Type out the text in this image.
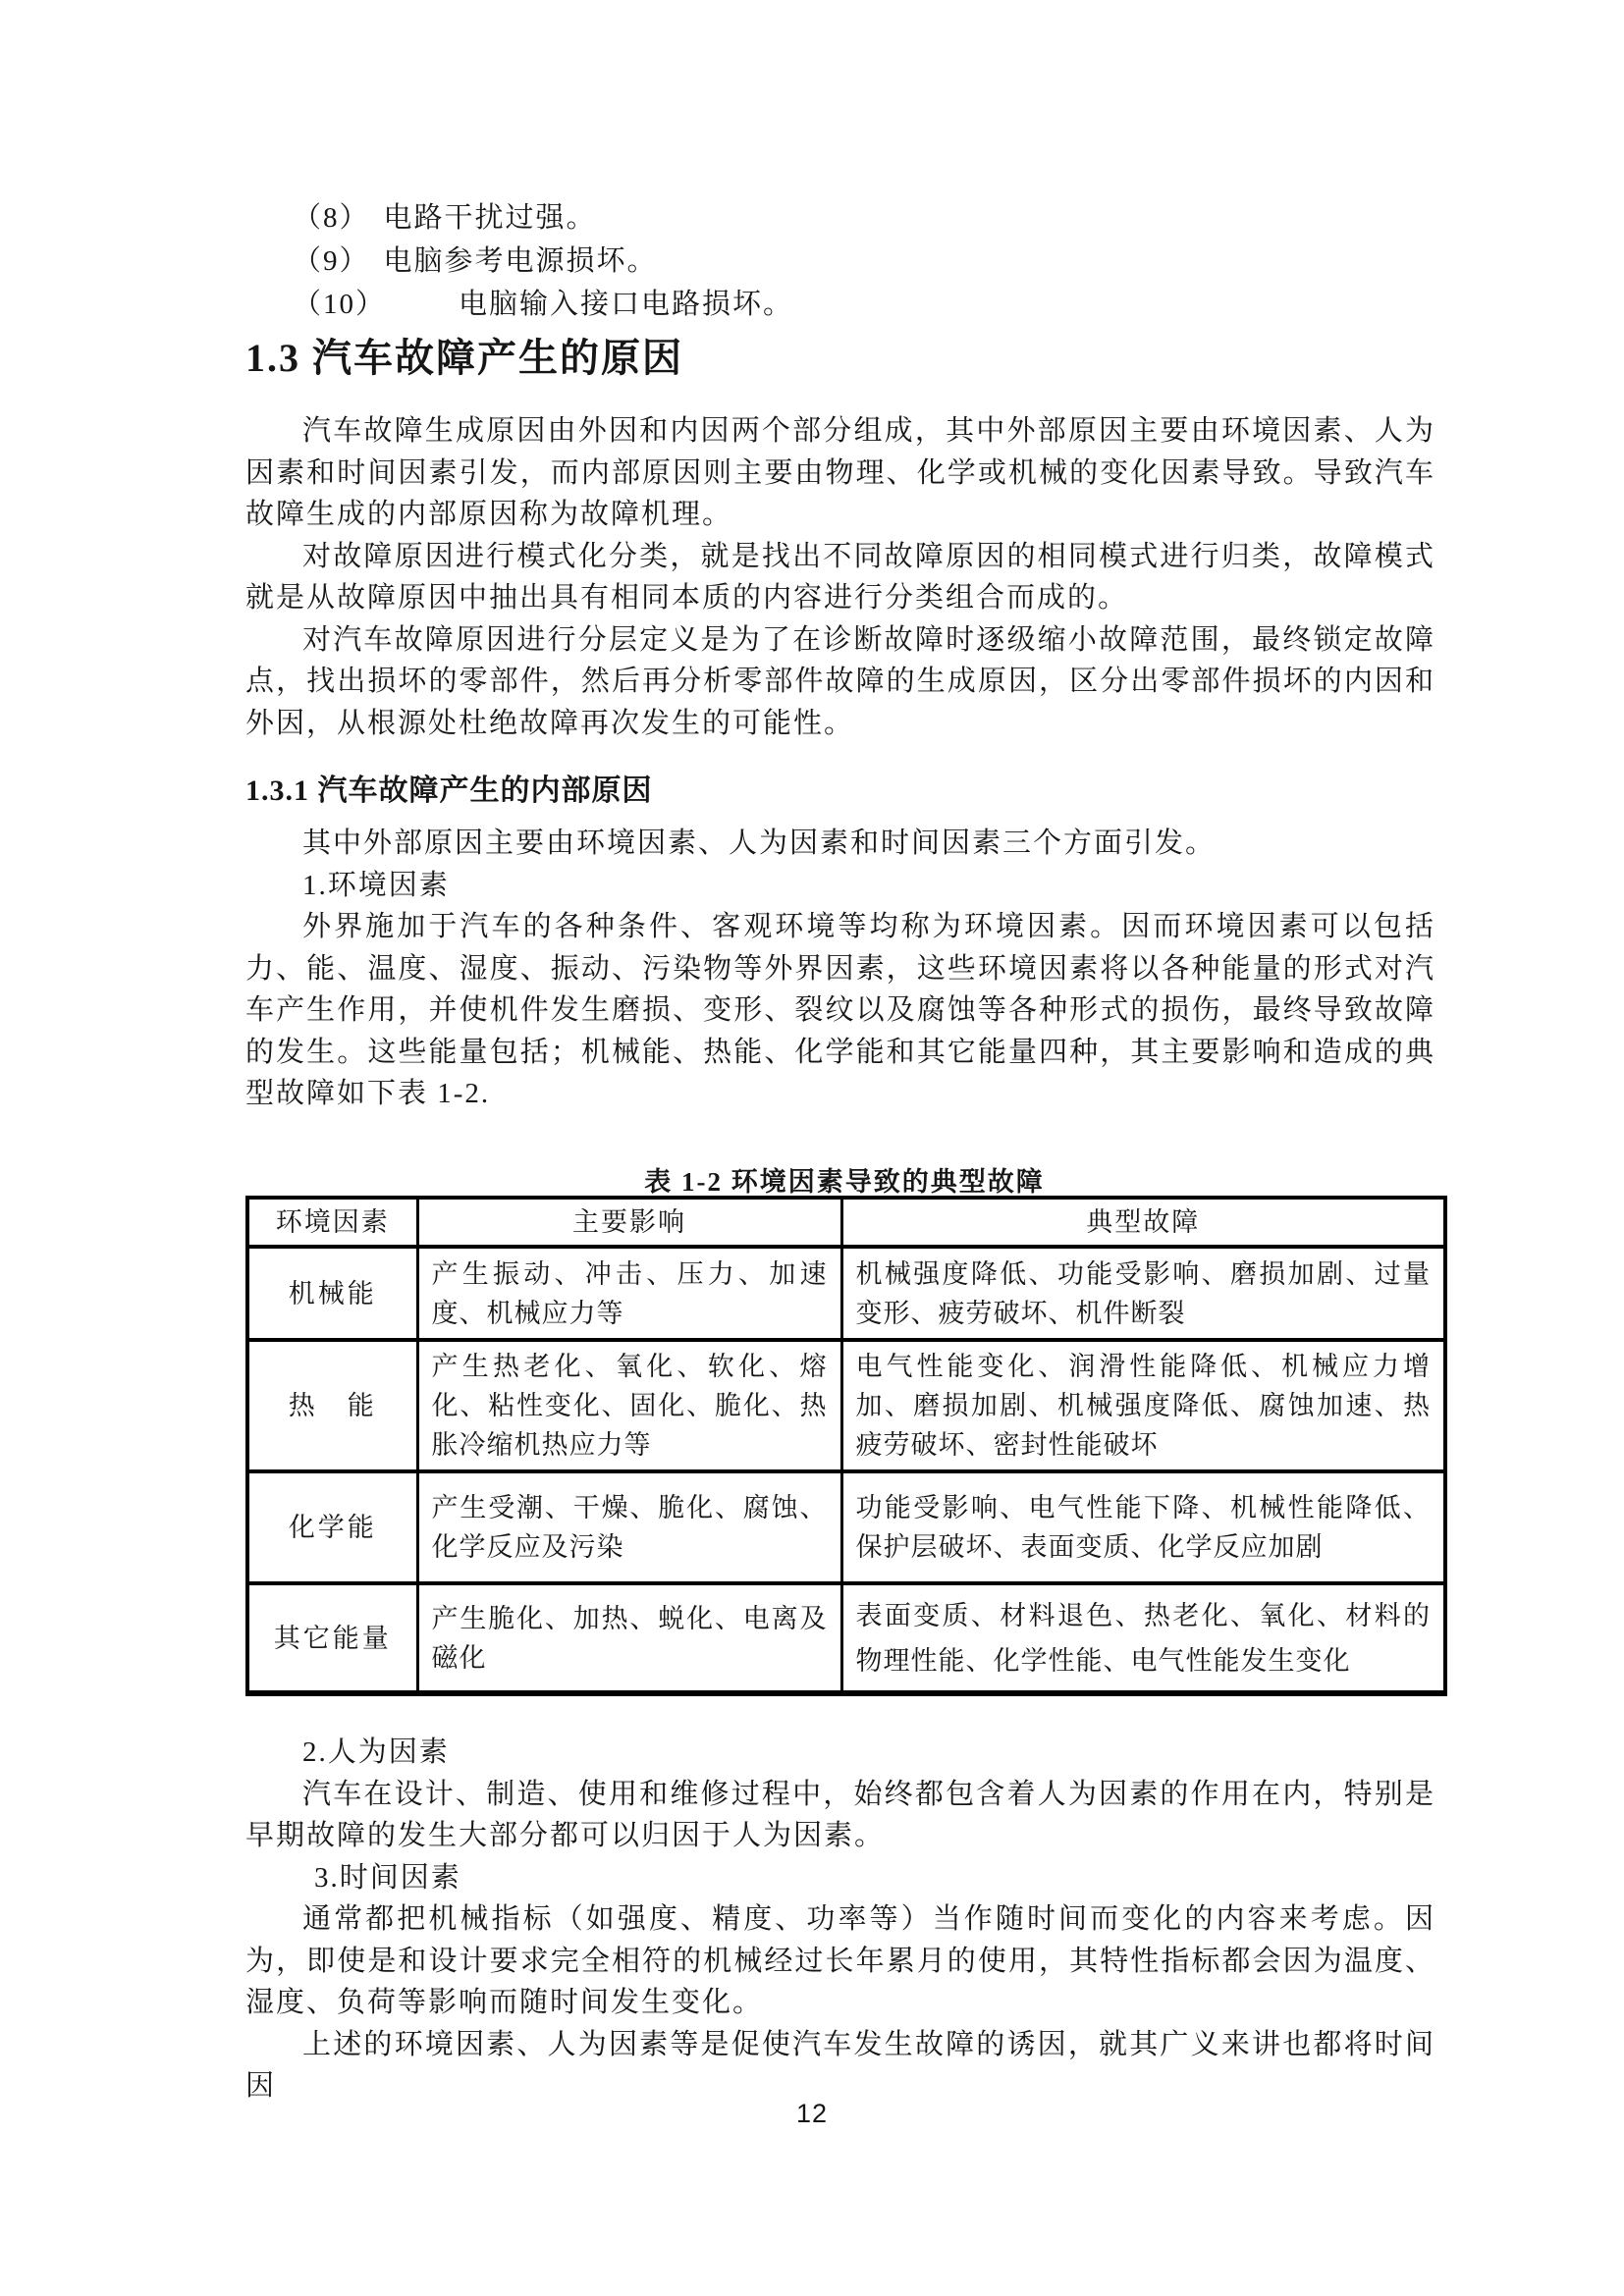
（8） 电路干扰过强。
（9） 电脑参考电源损坏。
（10）	电脑输入接口电路损坏。
1.3 汽车故障产生的原因

汽车故障生成原因由外因和内因两个部分组成，其中外部原因主要由环境因素、人为因素和时间因素引发，而内部原因则主要由物理、化学或机械的变化因素导致。导致汽车故障生成的内部原因称为故障机理。

对故障原因进行模式化分类，就是找出不同故障原因的相同模式进行归类，故障模式就是从故障原因中抽出具有相同本质的内容进行分类组合而成的。

对汽车故障原因进行分层定义是为了在诊断故障时逐级缩小故障范围，最终锁定故障点，找出损坏的零部件，然后再分析零部件故障的生成原因，区分出零部件损坏的内因和外因，从根源处杜绝故障再次发生的可能性。

1.3.1 汽车故障产生的内部原因

其中外部原因主要由环境因素、人为因素和时间因素三个方面引发。

1.环境因素

外界施加于汽车的各种条件、客观环境等均称为环境因素。因而环境因素可以包括力、能、温度、湿度、振动、污染物等外界因素，这些环境因素将以各种能量的形式对汽车产生作用，并使机件发生磨损、变形、裂纹以及腐蚀等各种形式的损伤，最终导致故障的发生。这些能量包括；机械能、热能、化学能和其它能量四种，其主要影响和造成的典型故障如下表 1-2.

表 1-2 环境因素导致的典型故障
环境因素	主要影响	典型故障
机械能	产生振动、冲击、压力、加速度、机械应力等	机械强度降低、功能受影响、磨损加剧、过量变形、疲劳破坏、机件断裂
热　能	产生热老化、氧化、软化、熔化、粘性变化、固化、脆化、热胀冷缩机热应力等	电气性能变化、润滑性能降低、机械应力增加、磨损加剧、机械强度降低、腐蚀加速、热疲劳破坏、密封性能破坏
化学能	产生受潮、干燥、脆化、腐蚀、化学反应及污染	功能受影响、电气性能下降、机械性能降低、保护层破坏、表面变质、化学反应加剧
其它能量	产生脆化、加热、蜕化、电离及磁化	表面变质、材料退色、热老化、氧化、材料的物理性能、化学性能、电气性能发生变化

2.人为因素

汽车在设计、制造、使用和维修过程中，始终都包含着人为因素的作用在内，特别是早期故障的发生大部分都可以归因于人为因素。

3.时间因素

通常都把机械指标（如强度、精度、功率等）当作随时间而变化的内容来考虑。因为，即使是和设计要求完全相符的机械经过长年累月的使用，其特性指标都会因为温度、湿度、负荷等影响而随时间发生变化。

上述的环境因素、人为因素等是促使汽车发生故障的诱因，就其广义来讲也都将时间因

12
